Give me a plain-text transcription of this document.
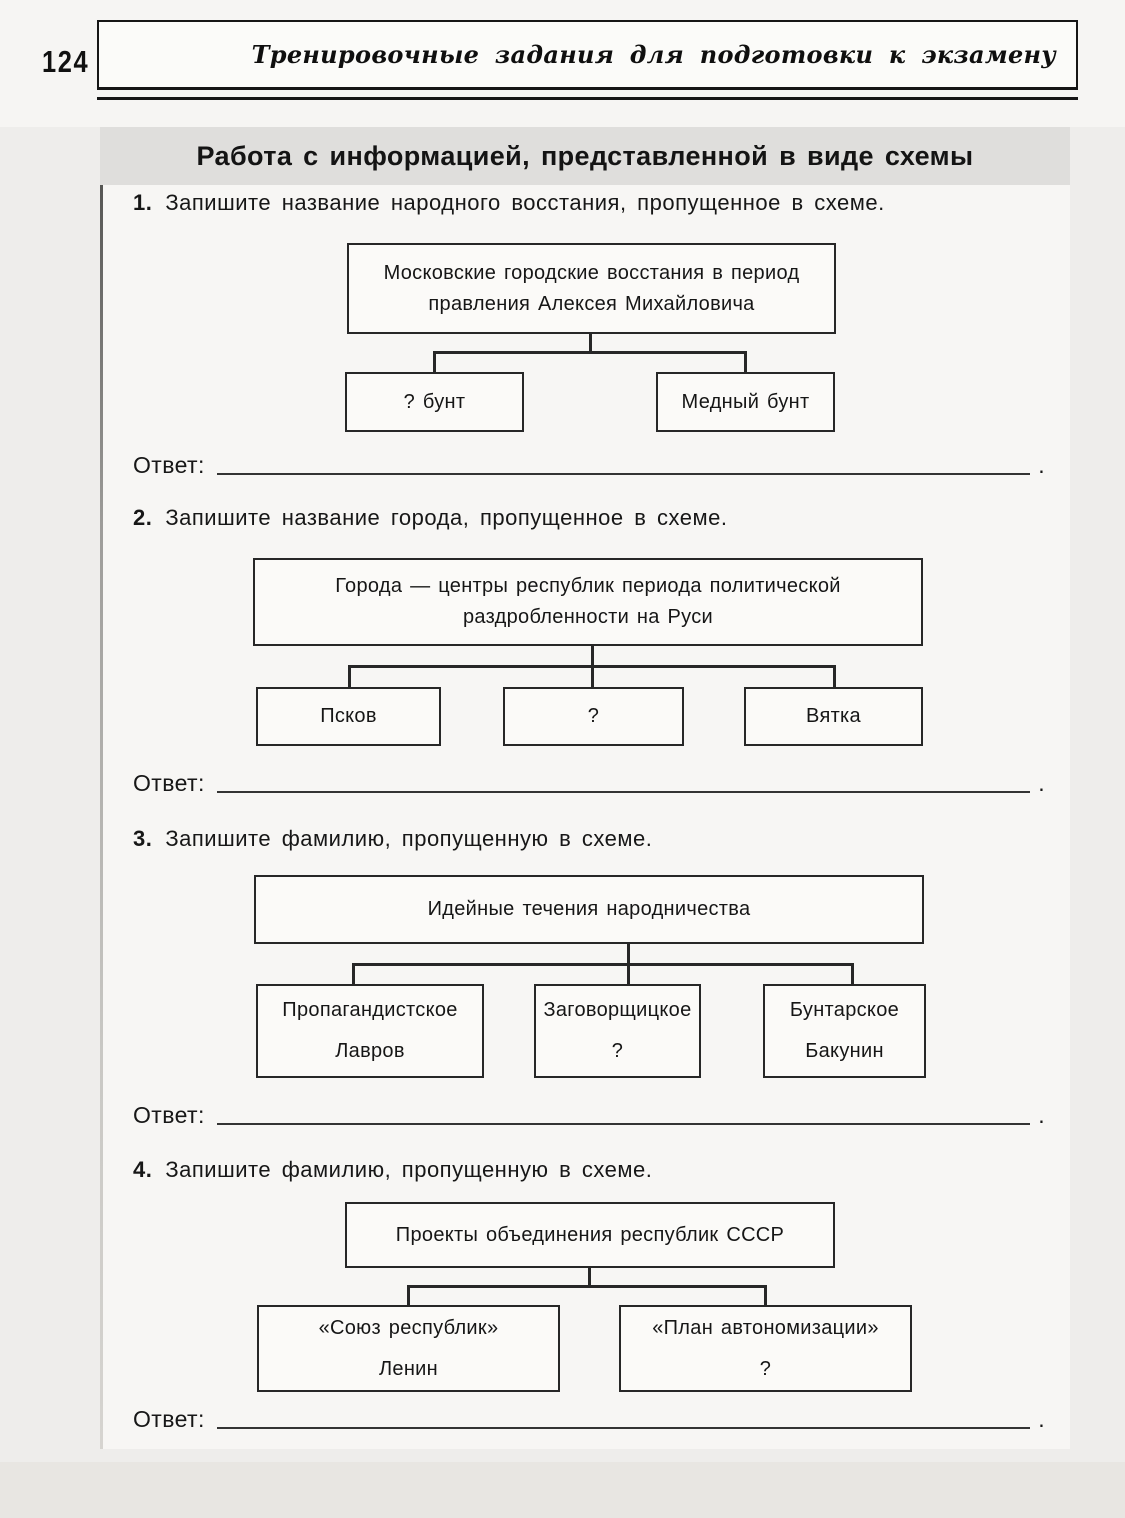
124	Тренировочные задания для подготовки к экзамену
Работа с информацией, представленной в виде схемы
1. Запишите название народного восстания, пропущенное в схеме.
Московские городские восстания в период
правления Алексея Михайловича
? бунт	Медный бунт
Ответ:	.
2. Запишите название города, пропущенное в схеме.
Города — центры республик периода политической
раздробленности на Руси
Псков	?	Вятка
Ответ:	.
3. Запишите фамилию, пропущенную в схеме.
Идейные течения народничества
Пропагандистское
Лавров
Заговорщицкое
?
Бунтарское
Бакунин
Ответ:	.
4. Запишите фамилию, пропущенную в схеме.
Проекты объединения республик СССР
«Союз республик»
Ленин
«План автономизации»
?
Ответ:	.
